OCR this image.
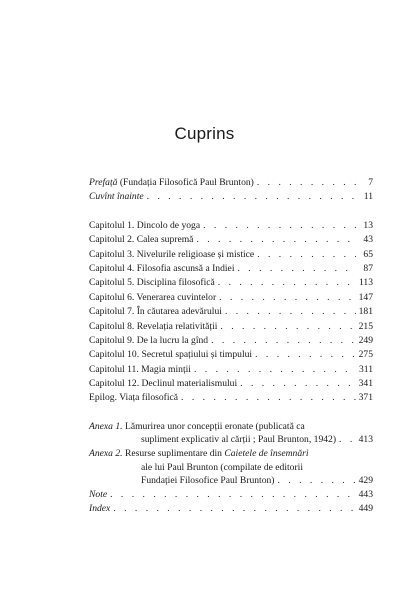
Cuprins
Prefață (Fundația Filosofică Paul Brunton) . . .	7
Cuvînt înainte . . .	11
Capitolul 1. Dincolo de yoga . . .	13
Capitolul 2. Calea supremă . . .	43
Capitolul 3. Nivelurile religioase și mistice . . .	65
Capitolul 4. Filosofia ascunsă a Indiei . . .	87
Capitolul 5. Disciplina filosofică . . .	113
Capitolul 6. Venerarea cuvintelor . . .	147
Capitolul 7. În căutarea adevărului . . .	181
Capitolul 8. Revelația relativității . . .	215
Capitolul 9. De la lucru la gînd . . .	249
Capitolul 10. Secretul spațiului și timpului . . .	275
Capitolul 11. Magia minții . . .	311
Capitolul 12. Declinul materialismului . . .	341
Epilog. Viața filosofică . . .	371
Anexa 1. Lămurirea unor concepții eronate (publicată ca
supliment explicativ al cărții ; Paul Brunton, 1942) . . . 413
Anexa 2. Resurse suplimentare din Caietele de însemnări
ale lui Paul Brunton (compilate de editorii
Fundației Filosofice Paul Brunton) . . .	429
Note . . .	443
Index . . .	449
